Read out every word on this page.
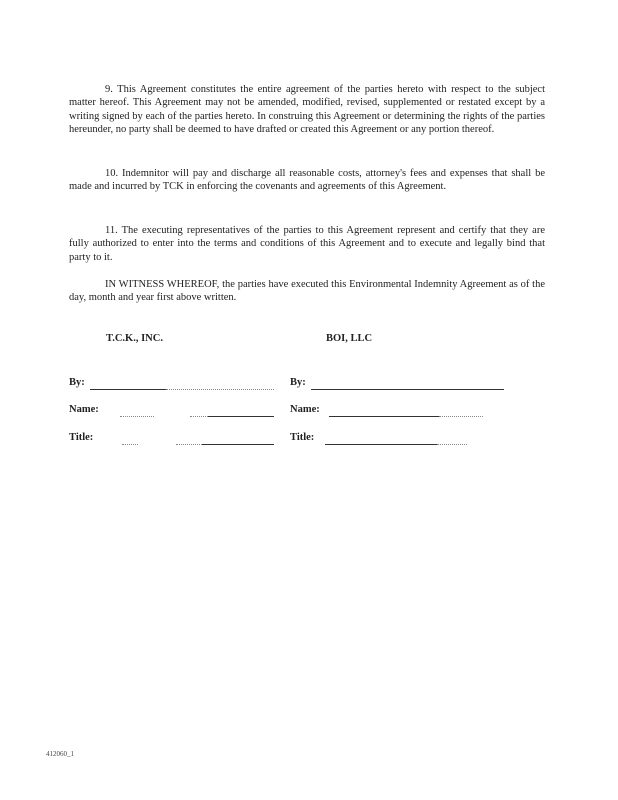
9. This Agreement constitutes the entire agreement of the parties hereto with respect to the subject matter hereof. This Agreement may not be amended, modified, revised, supplemented or restated except by a writing signed by each of the parties hereto. In construing this Agreement or determining the rights of the parties hereunder, no party shall be deemed to have drafted or created this Agreement or any portion thereof.

10. Indemnitor will pay and discharge all reasonable costs, attorney's fees and expenses that shall be made and incurred by TCK in enforcing the covenants and agreements of this Agreement.

11. The executing representatives of the parties to this Agreement represent and certify that they are fully authorized to enter into the terms and conditions of this Agreement and to execute and legally bind that party to it.

IN WITNESS WHEREOF, the parties have executed this Environmental Indemnity Agreement as of the day, month and year first above written.

T.C.K., INC.	BOI, LLC
By:
Name:
Title:
By:
Name:
Title:
412060_1
